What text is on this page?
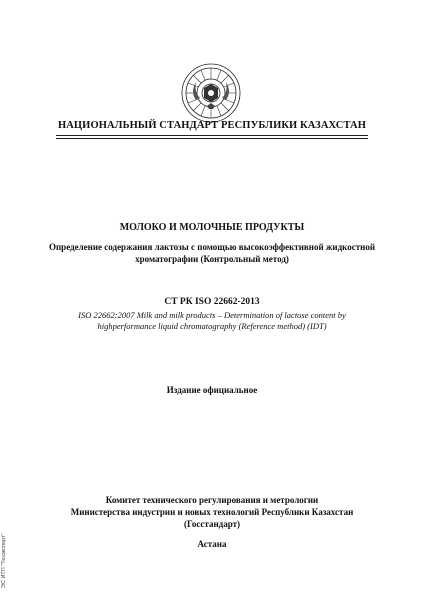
НАЦИОНАЛЬНЫЙ СТАНДАРТ РЕСПУБЛИКИ КАЗАХСТАН
МОЛОКО И МОЛОЧНЫЕ ПРОДУКТЫ
Определение содержания лактозы с помощью высокоэффективной жидкостной
хроматографии (Контрольный метод)
СТ РК ISO 22662-2013
ISO 22662:2007 Milk and milk products – Determination of lactose content by
highperformance liquid chromatography (Reference method) (IDT)
Издание официальное
Комитет технического регулирования и метрологии
Министерства индустрии и новых технологий Республики Казахстан
(Госстандарт)
Астана
ЭС ИТП "Техэксперт"
